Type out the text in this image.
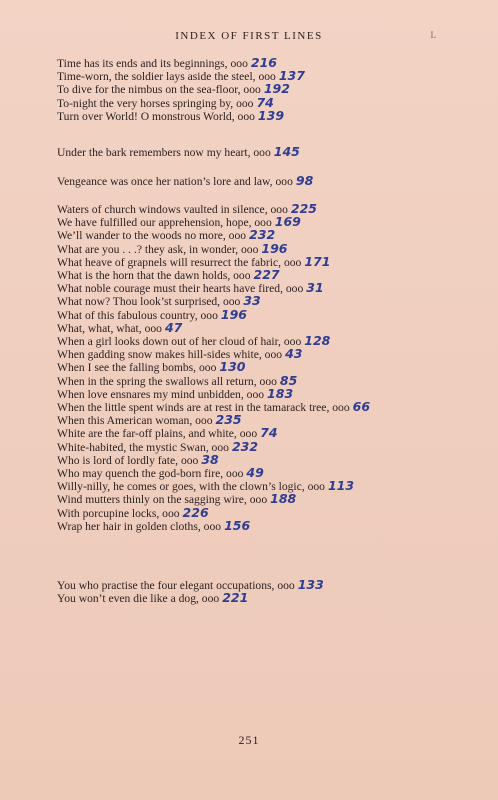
INDEX OF FIRST LINES	L
Time has its ends and its beginnings, ooo 216
Time-worn, the soldier lays aside the steel, ooo 137
To dive for the nimbus on the sea-floor, ooo 192
To-night the very horses springing by, ooo 74
Turn over World! O monstrous World, ooo 139
Under the bark remembers now my heart, ooo 145
Vengeance was once her nation’s lore and law, ooo 98
Waters of church windows vaulted in silence, ooo 225
We have fulfilled our apprehension, hope, ooo 169
We’ll wander to the woods no more, ooo 232
What are you . . .? they ask, in wonder, ooo 196
What heave of grapnels will resurrect the fabric, ooo 171
What is the horn that the dawn holds, ooo 227
What noble courage must their hearts have fired, ooo 31
What now? Thou look’st surprised, ooo 33
What of this fabulous country, ooo 196
What, what, what, ooo 47
When a girl looks down out of her cloud of hair, ooo 128
When gadding snow makes hill-sides white, ooo 43
When I see the falling bombs, ooo 130
When in the spring the swallows all return, ooo 85
When love ensnares my mind unbidden, ooo 183
When the little spent winds are at rest in the tamarack tree, ooo 66
When this American woman, ooo 235
White are the far-off plains, and white, ooo 74
White-habited, the mystic Swan, ooo 232
Who is lord of lordly fate, ooo 38
Who may quench the god-born fire, ooo 49
Willy-nilly, he comes or goes, with the clown’s logic, ooo 113
Wind mutters thinly on the sagging wire, ooo 188
With porcupine locks, ooo 226
Wrap her hair in golden cloths, ooo 156
You who practise the four elegant occupations, ooo 133
You won’t even die like a dog, ooo 221
251
